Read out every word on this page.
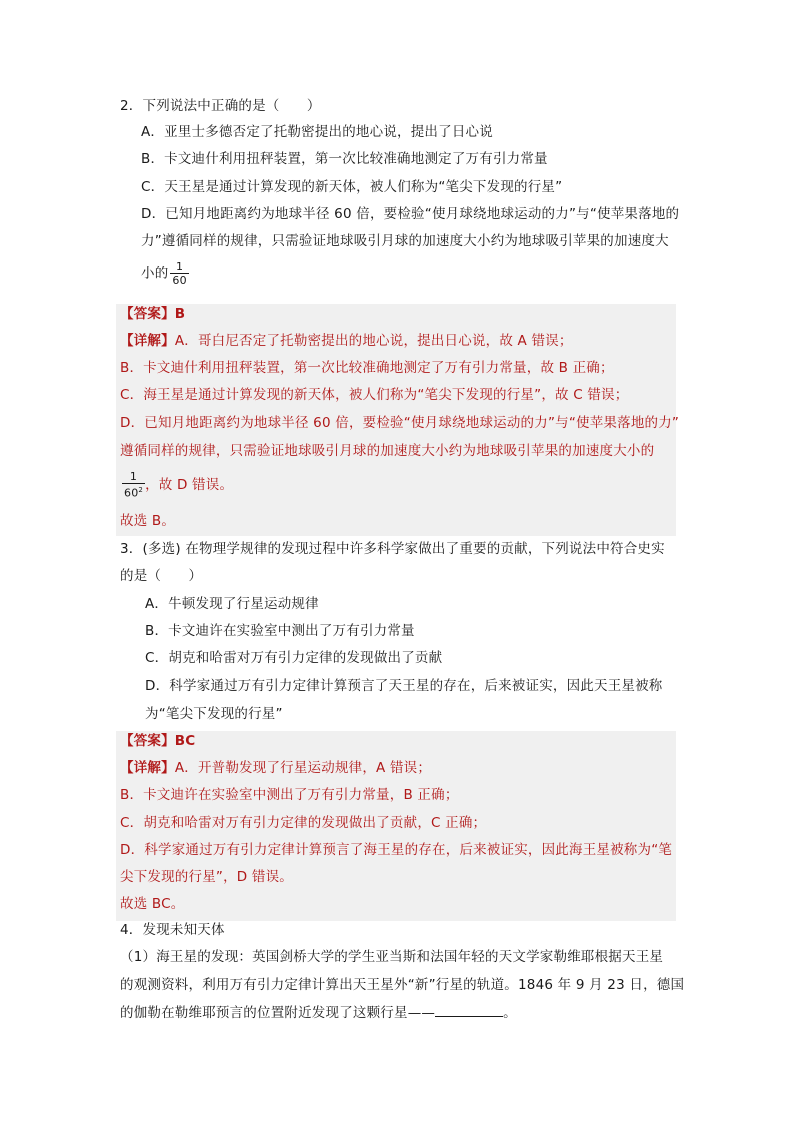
2．下列说法中正确的是（　　）
A．亚里士多德否定了托勒密提出的地心说，提出了日心说
B．卡文迪什利用扭秤装置，第一次比较准确地测定了万有引力常量
C．天王星是通过计算发现的新天体，被人们称为“笔尖下发现的行星”
D．已知月地距离约为地球半径 60 倍，要检验“使月球绕地球运动的力”与“使苹果落地的
力”遵循同样的规律，只需验证地球吸引月球的加速度大小约为地球吸引苹果的加速度大
小的 $\frac{1}{60}$
【答案】B
【详解】A．哥白尼否定了托勒密提出的地心说，提出日心说，故 A 错误；
B．卡文迪什利用扭秤装置，第一次比较准确地测定了万有引力常量，故 B 正确；
C．海王星是通过计算发现的新天体，被人们称为“笔尖下发现的行星”，故 C 错误；
D．已知月地距离约为地球半径 60 倍，要检验“使月球绕地球运动的力”与“使苹果落地的力”
遵循同样的规律，只需验证地球吸引月球的加速度大小约为地球吸引苹果的加速度大小的
$\frac{1}{60^2}$ ，故 D 错误。
故选 B。
3．(多选) 在物理学规律的发现过程中许多科学家做出了重要的贡献，下列说法中符合史实
的是（　　）
A．牛顿发现了行星运动规律
B．卡文迪许在实验室中测出了万有引力常量
C．胡克和哈雷对万有引力定律的发现做出了贡献
D．科学家通过万有引力定律计算预言了天王星的存在，后来被证实，因此天王星被称
为“笔尖下发现的行星”
【答案】BC
【详解】A．开普勒发现了行星运动规律，A 错误；
B．卡文迪许在实验室中测出了万有引力常量，B 正确；
C．胡克和哈雷对万有引力定律的发现做出了贡献，C 正确；
D．科学家通过万有引力定律计算预言了海王星的存在，后来被证实，因此海王星被称为“笔
尖下发现的行星”，D 错误。
故选 BC。
4．发现未知天体
（1）海王星的发现：英国剑桥大学的学生亚当斯和法国年轻的天文学家勒维耶根据天王星
的观测资料，利用万有引力定律计算出天王星外“新”行星的轨道。1846 年 9 月 23 日，德国
的伽勒在勒维耶预言的位置附近发现了这颗行星——	。
